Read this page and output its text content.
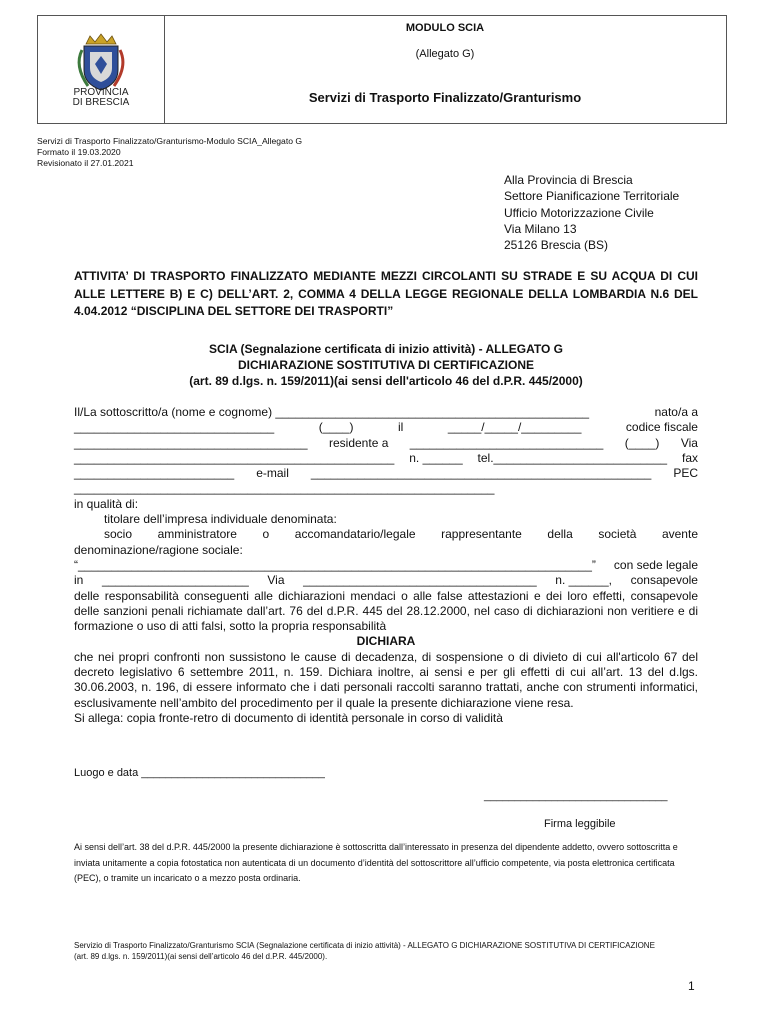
PROVINCIA
DI BRESCIA
MODULO SCIA
(Allegato G)
Servizi di Trasporto Finalizzato/Granturismo
Servizi di Trasporto Finalizzato/Granturismo-Modulo SCIA_Allegato G
Formato il 19.03.2020
Revisionato il 27.01.2021
Alla Provincia di Brescia
Settore Pianificazione Territoriale
Ufficio Motorizzazione Civile
Via Milano 13
25126 Brescia (BS)
ATTIVITA’ DI TRASPORTO FINALIZZATO MEDIANTE MEZZI CIRCOLANTI SU STRADE E SU ACQUA DI CUI ALLE LETTERE B) E C) DELL’ART. 2, COMMA 4 DELLA LEGGE REGIONALE DELLA LOMBARDIA N.6 DEL 4.04.2012 “DISCIPLINA DEL SETTORE DEI TRASPORTI”
SCIA (Segnalazione certificata di inizio attività) - ALLEGATO G
DICHIARAZIONE SOSTITUTIVA DI CERTIFICAZIONE
(art. 89 d.lgs. n. 159/2011)(ai sensi dell'articolo 46 del d.P.R. 445/2000)
Il/La sottoscritto/a (nome e cognome) _______________________________________________	nato/a a
______________________________	(____)	il	_____/_____/_________	codice fiscale
___________________________________ residente a _____________________________ (____) Via
________________________________________________ n. ______ tel.__________________________ fax
________________________ e-mail ___________________________________________________ PEC
_______________________________________________________________
in qualità di:
titolare dell’impresa individuale denominata:
socio amministratore o accomandatario/legale rappresentante della società avente
denominazione/ragione sociale:
“_____________________________________________________________________________” con sede legale
in ______________________ Via ___________________________________ n. ______, consapevole

delle responsabilità conseguenti alle dichiarazioni mendaci o alle false attestazioni e dei loro effetti, consapevole delle sanzioni penali richiamate dall’art. 76 del d.P.R. 445 del 28.12.2000, nel caso di dichiarazioni non veritiere e di formazione o uso di atti falsi, sotto la propria responsabilità

DICHIARA

che nei propri confronti non sussistono le cause di decadenza, di sospensione o di divieto di cui all'articolo 67 del decreto legislativo 6 settembre 2011, n. 159. Dichiara inoltre, ai sensi e per gli effetti di cui all’art. 13 del d.lgs. 30.06.2003, n. 196, di essere informato che i dati personali raccolti saranno trattati, anche con strumenti informatici, esclusivamente nell’ambito del procedimento per il quale la presente dichiarazione viene resa.

Si allega: copia fronte-retro di documento di identità personale in corso di validità
Luogo e data ______________________________
______________________________
Firma leggibile
Ai sensi dell’art. 38 del d.P.R. 445/2000 la presente dichiarazione è sottoscritta dall’interessato in presenza del dipendente addetto, ovvero sottoscritta e inviata unitamente a copia fotostatica non autenticata di un documento d’identità del sottoscrittore all’ufficio competente, via posta elettronica certificata (PEC), o tramite un incaricato o a mezzo posta ordinaria.
Servizio di Trasporto Finalizzato/Granturismo SCIA (Segnalazione certificata di inizio attività) - ALLEGATO G DICHIARAZIONE SOSTITUTIVA DI CERTIFICAZIONE
(art. 89 d.lgs. n. 159/2011)(ai sensi dell’articolo 46 del d.P.R. 445/2000).
1
